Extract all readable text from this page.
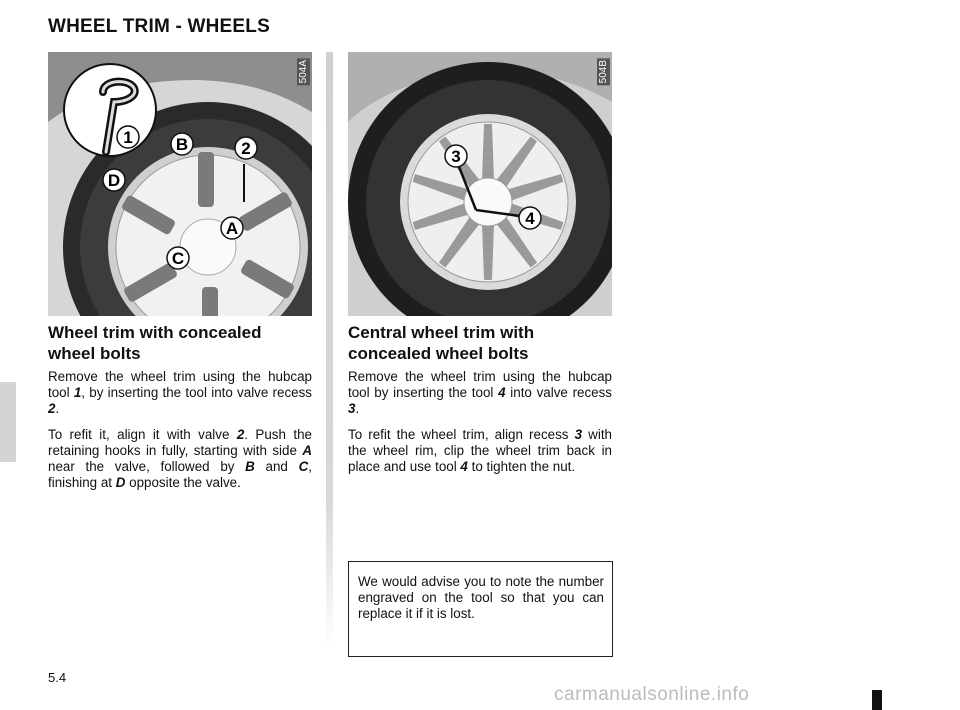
WHEEL TRIM - WHEELS
1	B	2
D
A
C
504A
3
4
504B
Wheel trim with concealed wheel bolts
Remove the wheel trim using the hubcap tool 1, by inserting the tool into valve recess 2.
To refit it, align it with valve 2. Push the retaining hooks in fully, starting with side A near the valve, followed by B and C, finishing at D opposite the valve.
Central wheel trim with concealed wheel bolts
Remove the wheel trim using the hubcap tool by inserting the tool 4 into valve recess 3.
To refit the wheel trim, align recess 3 with the wheel rim, clip the wheel trim back in place and use tool 4 to tighten the nut.
We would advise you to note the number engraved on the tool so that you can replace it if it is lost.
5.4
carmanualsonline.info
